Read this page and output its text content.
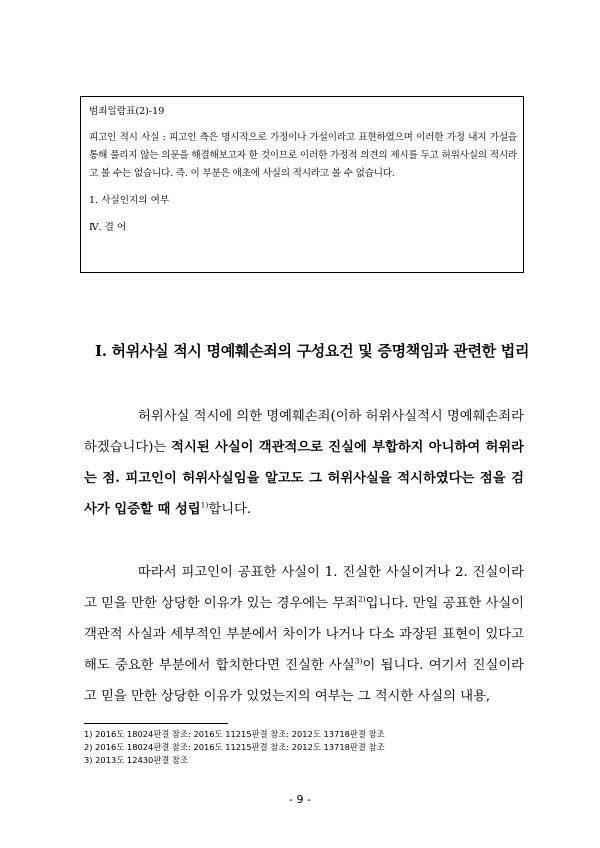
범죄일람표(2)-19
피고인 적시 사실 : 피고인 측은 명시적으로 가정이나 가설이라고 표현하였으며 이러한 가정 내지 가설을 통해 풀리지 않는 의문을 해결해보고자 한 것이므로 이러한 가정적 의견의 제시를 두고 허위사실의 적시라고 볼 수는 없습니다. 즉. 이 부분은 애초에 사실의 적시라고 볼 수 없습니다.
1. 사실인지의 여부
Ⅳ. 결 어
Ⅰ. 허위사실 적시 명예훼손죄의 구성요건 및 증명책임과 관련한 법리
허위사실 적시에 의한 명예훼손죄(이하 허위사실적시 명예훼손죄라 하겠습니다)는 적시된 사실이 객관적으로 진실에 부합하지 아니하여 허위라는 점. 피고인이 허위사실임을 알고도 그 허위사실을 적시하였다는 점을 검사가 입증할 때 성립$^{1)}$합니다.
따라서 피고인이 공표한 사실이 1. 진실한 사실이거나 2. 진실이라고 믿을 만한 상당한 이유가 있는 경우에는 무죄$^{2)}$입니다. 만일 공표한 사실이 객관적 사실과 세부적인 부분에서 차이가 나거나 다소 과장된 표현이 있다고 해도 중요한 부분에서 합치한다면 진실한 사실$^{3)}$이 됩니다. 여기서 진실이라고 믿을 만한 상당한 이유가 있었는지의 여부는 그 적시한 사실의 내용,
1) 2016도 18024판결 참조: 2016도 11215판결 참조: 2012도 13718판결 참조
2) 2016도 18024판결 참조: 2016도 11215판결 참조: 2012도 13718판결 참조
3) 2013도 12430판결 참조
- 9 -
